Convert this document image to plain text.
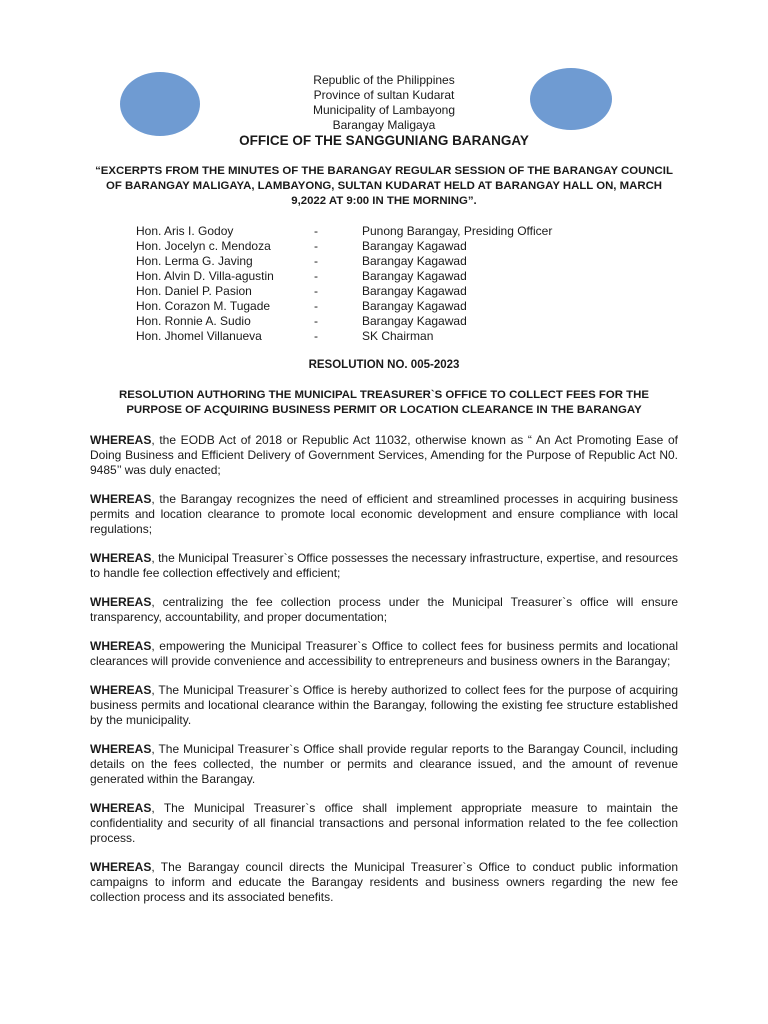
Republic of the Philippines
Province of sultan Kudarat
Municipality of Lambayong
Barangay Maligaya
OFFICE OF THE SANGGUNIANG BARANGAY
“EXCERPTS FROM THE MINUTES OF THE BARANGAY REGULAR SESSION OF THE BARANGAY COUNCIL OF BARANGAY MALIGAYA, LAMBAYONG, SULTAN KUDARAT HELD AT BARANGAY HALL ON, MARCH 9,2022 AT 9:00 IN THE MORNING”.
Hon. Aris I. Godoy	-	Punong Barangay, Presiding Officer
Hon. Jocelyn c. Mendoza	-	Barangay Kagawad
Hon. Lerma G. Javing	-	Barangay Kagawad
Hon. Alvin D. Villa-agustin	-	Barangay Kagawad
Hon. Daniel P. Pasion	-	Barangay Kagawad
Hon. Corazon M. Tugade	-	Barangay Kagawad
Hon. Ronnie A. Sudio	-	Barangay Kagawad
Hon. Jhomel Villanueva	-	SK Chairman
RESOLUTION NO. 005-2023
RESOLUTION AUTHORING THE MUNICIPAL TREASURER`S OFFICE TO COLLECT FEES FOR THE PURPOSE OF ACQUIRING BUSINESS PERMIT OR LOCATION CLEARANCE IN THE BARANGAY

WHEREAS, the EODB Act of 2018 or Republic Act 11032, otherwise known as “ An Act Promoting Ease of Doing Business and Efficient Delivery of Government Services, Amending for the Purpose of Republic Act N0. 9485’’ was duly enacted;

WHEREAS, the Barangay recognizes the need of efficient and streamlined processes in acquiring business permits and location clearance to promote local economic development and ensure compliance with local regulations;

WHEREAS, the Municipal Treasurer`s Office possesses the necessary infrastructure, expertise, and resources to handle fee collection effectively and efficient;

WHEREAS, centralizing the fee collection process under the Municipal Treasurer`s office will ensure transparency, accountability, and proper documentation;

WHEREAS, empowering the Municipal Treasurer`s Office to collect fees for business permits and locational clearances will provide convenience and accessibility to entrepreneurs and business owners in the Barangay;

WHEREAS, The Municipal Treasurer`s Office is hereby authorized to collect fees for the purpose of acquiring business permits and locational clearance within the Barangay, following the existing fee structure established by the municipality.

WHEREAS, The Municipal Treasurer`s Office shall provide regular reports to the Barangay Council, including details on the fees collected, the number or permits and clearance issued, and the amount of revenue generated within the Barangay.

WHEREAS, The Municipal Treasurer`s office shall implement appropriate measure to maintain the confidentiality and security of all financial transactions and personal information related to the fee collection process.

WHEREAS, The Barangay council directs the Municipal Treasurer`s Office to conduct public information campaigns to inform and educate the Barangay residents and business owners regarding the new fee collection process and its associated benefits.
